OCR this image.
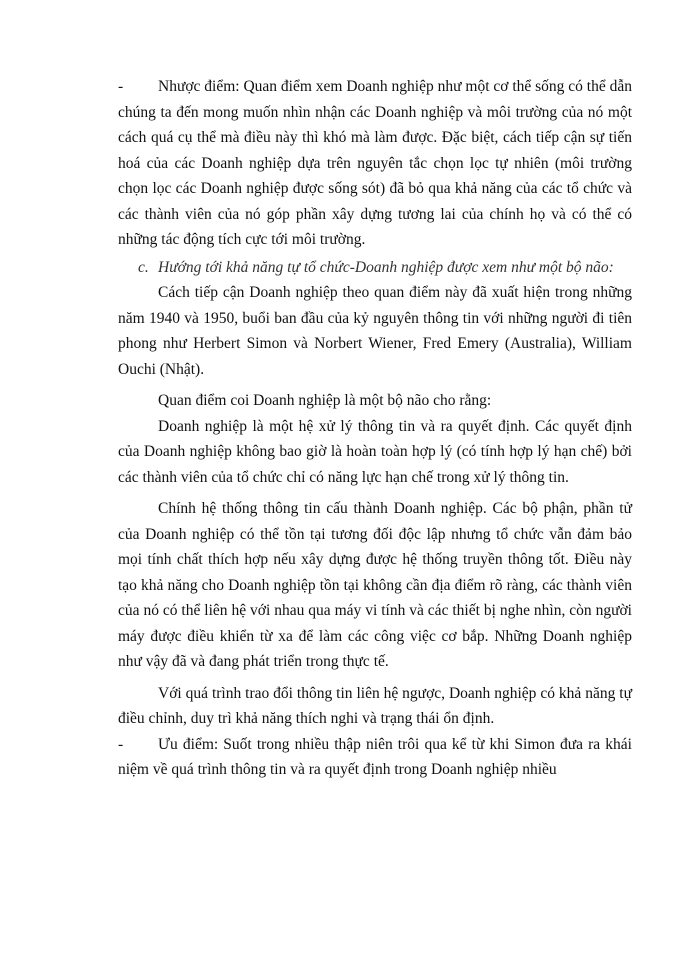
-	Nhược điểm: Quan điểm xem Doanh nghiệp như một cơ thể sống có thể dẫn chúng ta đến mong muốn nhìn nhận các Doanh nghiệp và môi trường của nó một cách quá cụ thể mà điều này thì khó mà làm được. Đặc biệt, cách tiếp cận sự tiến hoá của các Doanh nghiệp dựa trên nguyên tắc chọn lọc tự nhiên (môi trường chọn lọc các Doanh nghiệp được sống sót) đã bỏ qua khả năng của các tổ chức và các thành viên của nó góp phần xây dựng tương lai của chính họ và có thể có những tác động tích cực tới môi trường.

c. Hướng tới khả năng tự tổ chức-Doanh nghiệp được xem như một bộ não:

Cách tiếp cận Doanh nghiệp theo quan điểm này đã xuất hiện trong những năm 1940 và 1950, buổi ban đầu của kỷ nguyên thông tin với những người đi tiên phong như Herbert Simon và Norbert Wiener, Fred Emery (Australia), William Ouchi (Nhật).

Quan điểm coi Doanh nghiệp là một bộ não cho rằng:

Doanh nghiệp là một hệ xử lý thông tin và ra quyết định. Các quyết định của Doanh nghiệp không bao giờ là hoàn toàn hợp lý (có tính hợp lý hạn chế) bởi các thành viên của tổ chức chỉ có năng lực hạn chế trong xử lý thông tin.

Chính hệ thống thông tin cấu thành Doanh nghiệp. Các bộ phận, phần tử của Doanh nghiệp có thể tồn tại tương đối độc lập nhưng tổ chức vẫn đảm bảo mọi tính chất thích hợp nếu xây dựng được hệ thống truyền thông tốt. Điều này tạo khả năng cho Doanh nghiệp tồn tại không cần địa điểm rõ ràng, các thành viên của nó có thể liên hệ với nhau qua máy vi tính và các thiết bị nghe nhìn, còn người máy được điều khiển từ xa để làm các công việc cơ bắp. Những Doanh nghiệp như vậy đã và đang phát triển trong thực tế.

Với quá trình trao đổi thông tin liên hệ ngược, Doanh nghiệp có khả năng tự điều chỉnh, duy trì khả năng thích nghi và trạng thái ổn định.

-	Ưu điểm: Suốt trong nhiều thập niên trôi qua kể từ khi Simon đưa ra khái niệm về quá trình thông tin và ra quyết định trong Doanh nghiệp nhiều
